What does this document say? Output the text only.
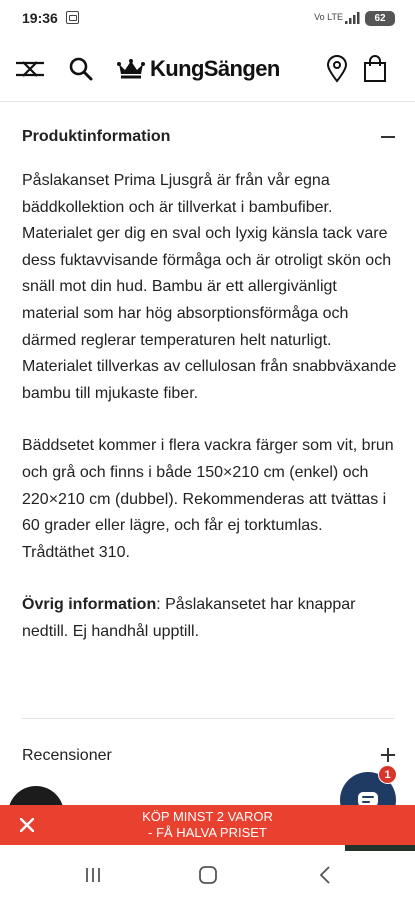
19:36	Vo LTE	62
KungSängen
Produktinformation

Påslakanset Prima Ljusgrå är från vår egna bäddkollektion och är tillverkat i bambufiber. Materialet ger dig en sval och lyxig känsla tack vare dess fuktavvisande förmåga och är otroligt skön och snäll mot din hud. Bambu är ett allergivänligt material som har hög absorptionsförmåga och därmed reglerar temperaturen helt naturligt. Materialet tillverkas av cellulosan från snabbväxande bambu till mjukaste fiber.

Bäddsetet kommer i flera vackra färger som vit, brun och grå och finns i både 150×210 cm (enkel) och 220×210 cm (dubbel). Rekommenderas att tvättas i 60 grader eller lägre, och får ej torktumlas. Trådtäthet 310.

Övrig information: Påslakansetet har knappar nedtill. Ej handhål upptill.

Recensioner
1
KÖP MINST 2 VAROR
- FÅ HALVA PRISET
